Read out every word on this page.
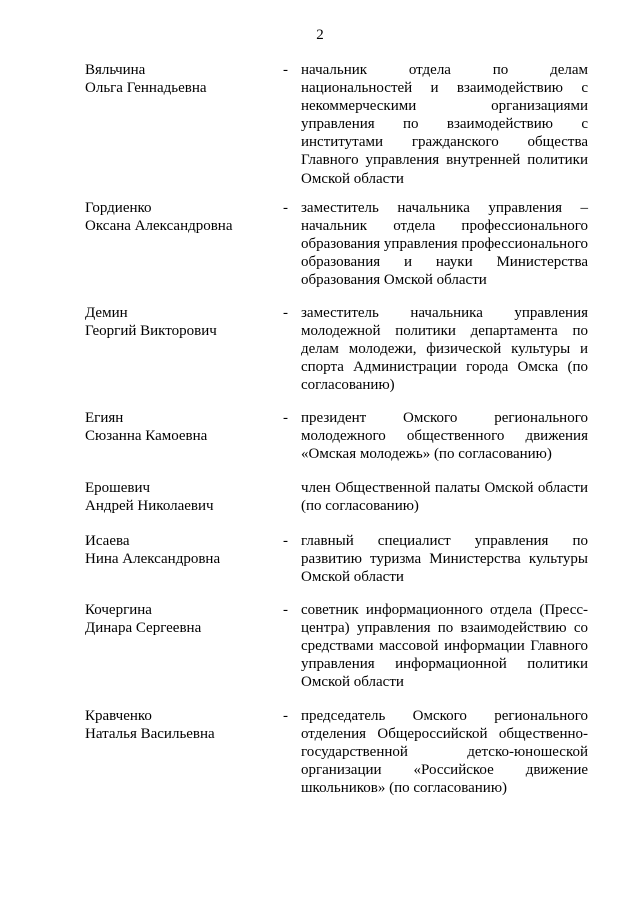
2
Вяльчина
Ольга Геннадьевна
- начальник отдела по делам национальностей и взаимодействию с некоммерческими организациями управления по взаимодействию с институтами гражданского общества Главного управления внутренней политики Омской области
Гордиенко
Оксана Александровна
- заместитель начальника управления – начальник отдела профессионального образования управления профессионального образования и науки Министерства образования Омской области
Демин
Георгий Викторович
- заместитель начальника управления молодежной политики департамента по делам молодежи, физической культуры и спорта Администрации города Омска (по согласованию)
Егиян
Сюзанна Камоевна
- президент Омского регионального молодежного общественного движения «Омская молодежь» (по согласованию)
Ерошевич
Андрей Николаевич
член Общественной палаты Омской области (по согласованию)
Исаева
Нина Александровна
- главный специалист управления по развитию туризма Министерства культуры Омской области
Кочергина
Динара Сергеевна
- советник информационного отдела (Пресс-центра) управления по взаимодействию со средствами массовой информации Главного управления информационной политики Омской области
Кравченко
Наталья Васильевна
- председатель Омского регионального отделения Общероссийской общественно-государственной детско-юношеской организации «Российское движение школьников» (по согласованию)
